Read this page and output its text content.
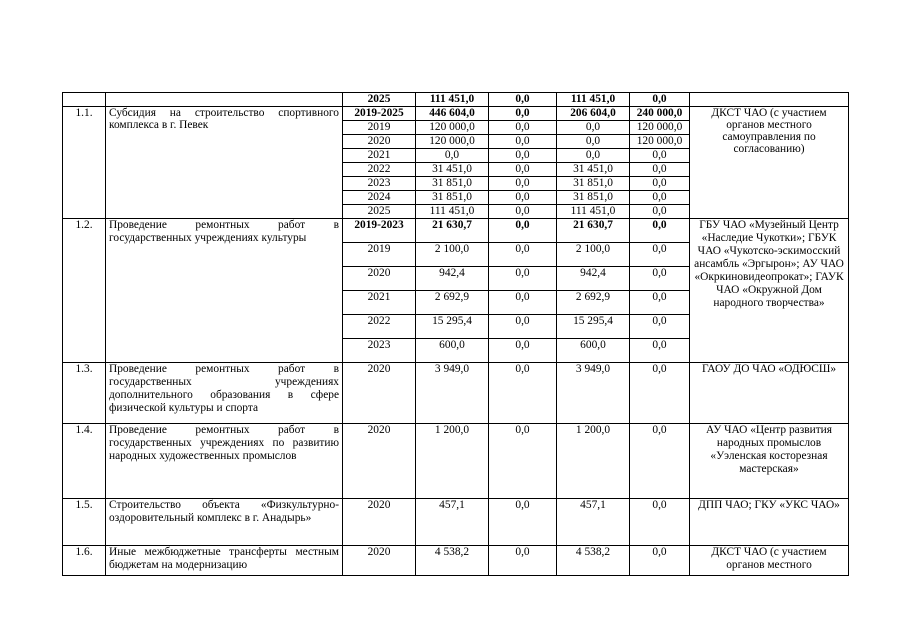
		2025	111 451,0	0,0	111 451,0	0,0	
1.1.	Субсидия на строительство спортивного комплекса в г. Певек	2019-2025	446 604,0	0,0	206 604,0	240 000,0	ДКСТ ЧАО (с участием органов местного самоуправления по согласованию)
		2019	120 000,0	0,0	0,0	120 000,0	
		2020	120 000,0	0,0	0,0	120 000,0	
		2021	0,0	0,0	0,0	0,0	
		2022	31 451,0	0,0	31 451,0	0,0	
		2023	31 851,0	0,0	31 851,0	0,0	
		2024	31 851,0	0,0	31 851,0	0,0	
		2025	111 451,0	0,0	111 451,0	0,0	
1.2.	Проведение ремонтных работ в государственных учреждениях культуры	2019-2023	21 630,7	0,0	21 630,7	0,0	ГБУ ЧАО «Музейный Центр «Наследие Чукотки»; ГБУК ЧАО «Чукотско-эскимосский ансамбль «Эргырон»; АУ ЧАО «Окркиновидеопрокат»; ГАУК ЧАО «Окружной Дом народного творчества»
		2019	2 100,0	0,0	2 100,0	0,0	
		2020	942,4	0,0	942,4	0,0	
		2021	2 692,9	0,0	2 692,9	0,0	
		2022	15 295,4	0,0	15 295,4	0,0	
		2023	600,0	0,0	600,0	0,0	
1.3.	Проведение ремонтных работ в государственных учреждениях дополнительного образования в сфере физической культуры и спорта	2020	3 949,0	0,0	3 949,0	0,0	ГАОУ ДО ЧАО «ОДЮСШ»
1.4.	Проведение ремонтных работ в государственных учреждениях по развитию народных художественных промыслов	2020	1 200,0	0,0	1 200,0	0,0	АУ ЧАО «Центр развития народных промыслов «Уэленская косторезная мастерская»
1.5.	Строительство объекта «Физкультурно-оздоровительный комплекс в г. Анадырь»	2020	457,1	0,0	457,1	0,0	ДПП ЧАО; ГКУ «УКС ЧАО»
1.6.	Иные межбюджетные трансферты местным бюджетам на модернизацию	2020	4 538,2	0,0	4 538,2	0,0	ДКСТ ЧАО (с участием органов местного
